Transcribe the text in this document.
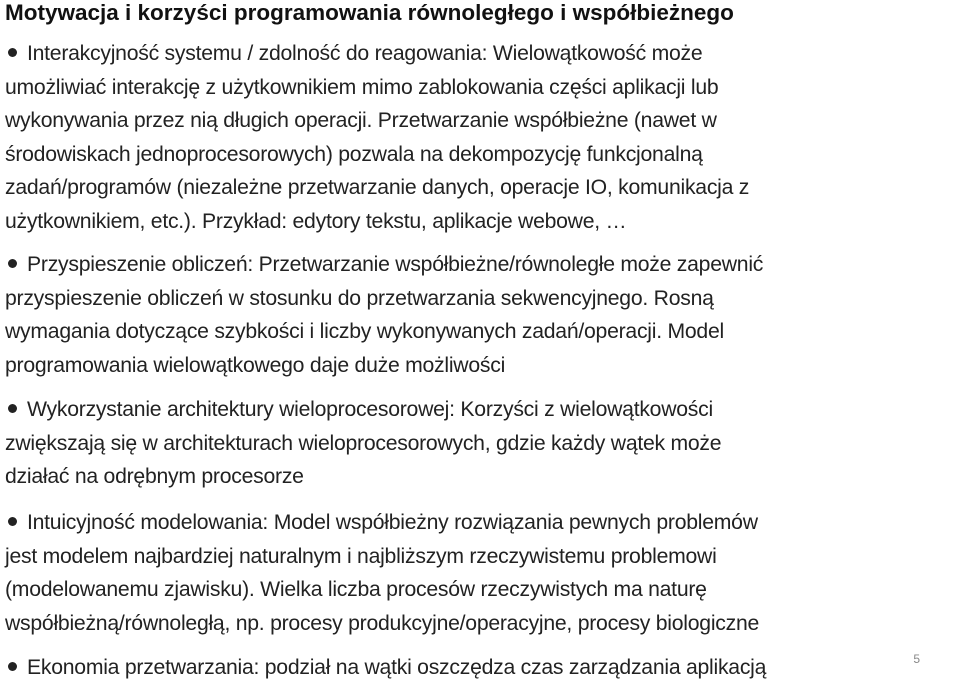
Motywacja i korzyści programowania równoległego i współbieżnego
Interakcyjność systemu / zdolność do reagowania: Wielowątkowość może
umożliwiać interakcję z użytkownikiem mimo zablokowania części aplikacji lub
wykonywania przez nią długich operacji. Przetwarzanie współbieżne (nawet w
środowiskach jednoprocesorowych) pozwala na dekompozycję funkcjonalną
zadań/programów (niezależne przetwarzanie danych, operacje IO, komunikacja z
użytkownikiem, etc.). Przykład: edytory tekstu, aplikacje webowe, …
Przyspieszenie obliczeń: Przetwarzanie współbieżne/równoległe może zapewnić
przyspieszenie obliczeń w stosunku do przetwarzania sekwencyjnego. Rosną
wymagania dotyczące szybkości i liczby wykonywanych zadań/operacji. Model
programowania wielowątkowego daje duże możliwości
Wykorzystanie architektury wieloprocesorowej: Korzyści z wielowątkowości
zwiększają się w architekturach wieloprocesorowych, gdzie każdy wątek może
działać na odrębnym procesorze
Intuicyjność modelowania: Model współbieżny rozwiązania pewnych problemów
jest modelem najbardziej naturalnym i najbliższym rzeczywistemu problemowi
(modelowanemu zjawisku). Wielka liczba procesów rzeczywistych ma naturę
współbieżną/równoległą, np. procesy produkcyjne/operacyjne, procesy biologiczne
Ekonomia przetwarzania: podział na wątki oszczędza czas zarządzania aplikacją	5
